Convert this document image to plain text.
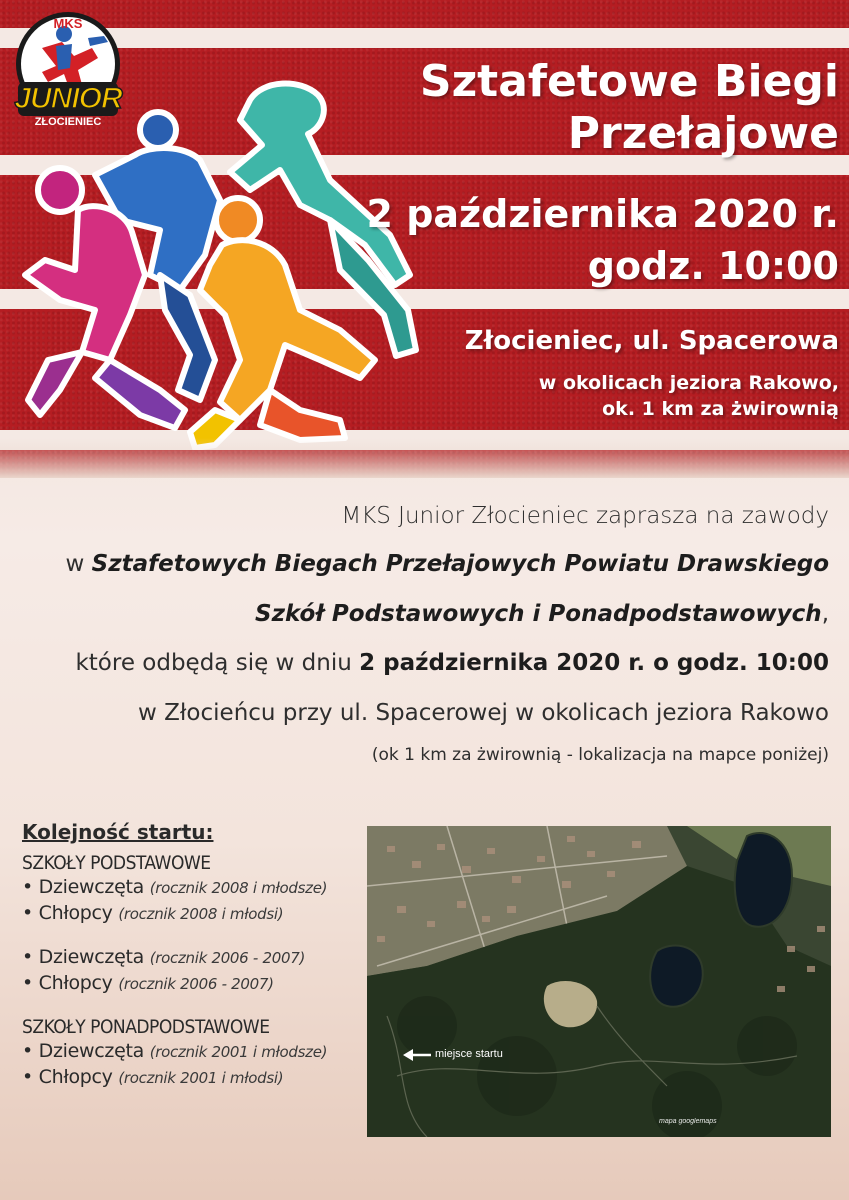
MKS
JUNIOR
ZŁOCIENIEC
Sztafetowe Biegi
Przełajowe
2 października 2020 r.
godz. 10:00
Złocieniec, ul. Spacerowa
w okolicach jeziora Rakowo,
ok. 1 km za żwirownią
MKS Junior Złocieniec zaprasza na zawody
w Sztafetowych Biegach Przełajowych Powiatu Drawskiego
Szkół Podstawowych i Ponadpodstawowych,
które odbędą się w dniu 2 października 2020 r. o godz. 10:00
w Złocieńcu przy ul. Spacerowej w okolicach jeziora Rakowo
(ok 1 km za żwirownią - lokalizacja na mapce poniżej)
Kolejność startu:
SZKOŁY PODSTAWOWE
• Dziewczęta (rocznik 2008 i młodsze)
• Chłopcy (rocznik 2008 i młodsi)
• Dziewczęta (rocznik 2006 - 2007)
• Chłopcy (rocznik 2006 - 2007)
SZKOŁY PONADPODSTAWOWE
• Dziewczęta (rocznik 2001 i młodsze)
• Chłopcy (rocznik 2001 i młodsi)
miejsce startu
mapa googlemaps
